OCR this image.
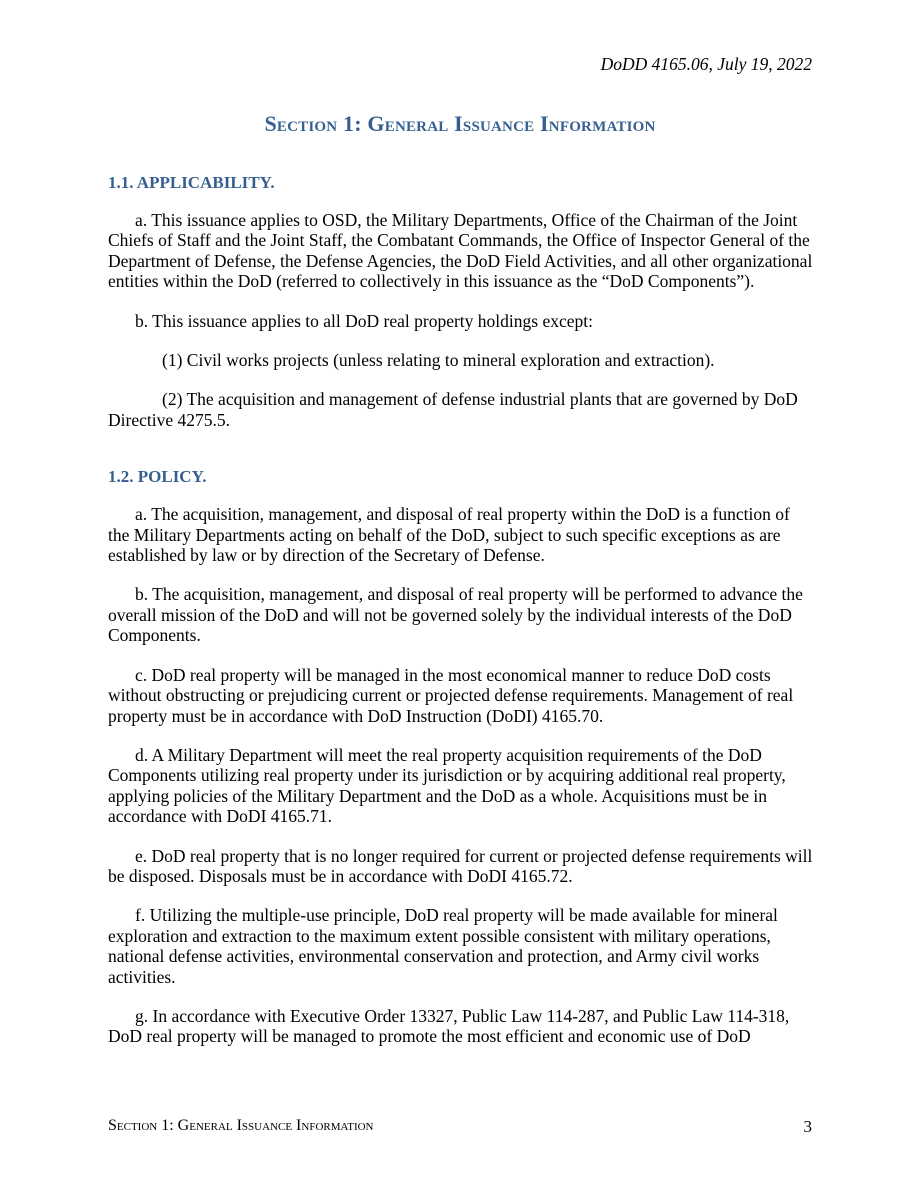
DoDD 4165.06, July 19, 2022
Section 1: General Issuance Information
1.1. APPLICABILITY.

a. This issuance applies to OSD, the Military Departments, Office of the Chairman of the Joint Chiefs of Staff and the Joint Staff, the Combatant Commands, the Office of Inspector General of the Department of Defense, the Defense Agencies, the DoD Field Activities, and all other organizational entities within the DoD (referred to collectively in this issuance as the “DoD Components”).

b. This issuance applies to all DoD real property holdings except:

(1) Civil works projects (unless relating to mineral exploration and extraction).

(2) The acquisition and management of defense industrial plants that are governed by DoD Directive 4275.5.

1.2. POLICY.

a. The acquisition, management, and disposal of real property within the DoD is a function of the Military Departments acting on behalf of the DoD, subject to such specific exceptions as are established by law or by direction of the Secretary of Defense.

b. The acquisition, management, and disposal of real property will be performed to advance the overall mission of the DoD and will not be governed solely by the individual interests of the DoD Components.

c. DoD real property will be managed in the most economical manner to reduce DoD costs without obstructing or prejudicing current or projected defense requirements. Management of real property must be in accordance with DoD Instruction (DoDI) 4165.70.

d. A Military Department will meet the real property acquisition requirements of the DoD Components utilizing real property under its jurisdiction or by acquiring additional real property, applying policies of the Military Department and the DoD as a whole. Acquisitions must be in accordance with DoDI 4165.71.

e. DoD real property that is no longer required for current or projected defense requirements will be disposed. Disposals must be in accordance with DoDI 4165.72.

f. Utilizing the multiple-use principle, DoD real property will be made available for mineral exploration and extraction to the maximum extent possible consistent with military operations, national defense activities, environmental conservation and protection, and Army civil works activities.

g. In accordance with Executive Order 13327, Public Law 114-287, and Public Law 114-318, DoD real property will be managed to promote the most efficient and economic use of DoD

Section 1: General Issuance Information	3
